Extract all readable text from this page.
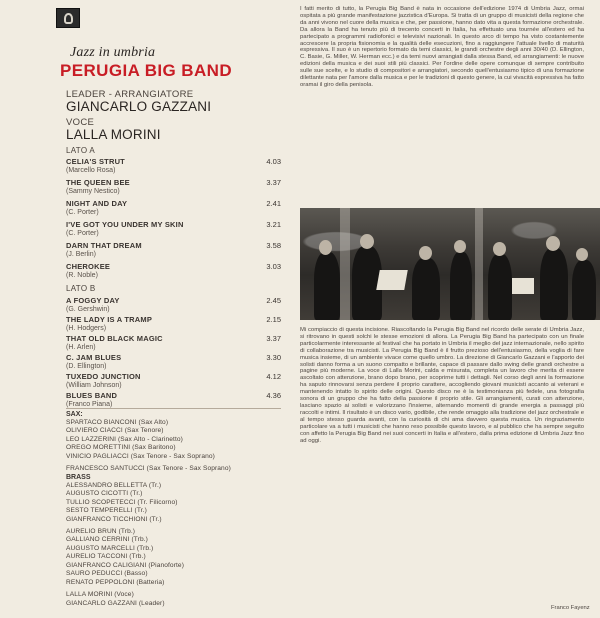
Jazz in umbria
PERUGIA BIG BAND
LEADER - ARRANGIATORE
GIANCARLO GAZZANI
VOCE
LALLA MORINI
LATO A
CELIA'S STRUT
(Marcello Rosa)
4.03
THE QUEEN BEE
(Sammy Nestico)
3.37
NIGHT AND DAY
(C. Porter)
2.41
I'VE GOT YOU UNDER MY SKIN
(C. Porter)
3.21
DARN THAT DREAM
(J. Berlin)
3.58
CHEROKEE
(R. Noble)
3.03
LATO B
A FOGGY DAY
(G. Gershwin)
2.45
THE LADY IS A TRAMP
(H. Hodgers)
2.15
THAT OLD BLACK MAGIC
(H. Arlen)
3.37
C. JAM BLUES
(D. Ellington)
3.30
TUXEDO JUNCTION
(William Johnson)
4.12
BLUES BAND
(Franco Piana)
4.36
SAX:
SPARTACO BIANCONI (Sax Alto)
OLIVIERO CIACCI (Sax Tenore)
LEO LAZZERINI (Sax Alto - Clarinetto)
OREGO MORETTINI (Sax Baritono)
VINICIO PAGLIACCI (Sax Tenore - Sax Soprano)
FRANCESCO SANTUCCI (Sax Tenore - Sax Soprano)
BRASS
ALESSANDRO BELLETTA (Tr.)
AUGUSTO CICOTTI (Tr.)
TULLIO SCOPETECCI (Tr. Filicorno)
SESTO TEMPERELLI (Tr.)
GIANFRANCO TICCHIONI (Tr.)
AURELIO BRUN (Trb.)
GALLIANO CERRINI (Trb.)
AUGUSTO MARCELLI (Trb.)
AURELIO TACCONI (Trb.)
GIANFRANCO CALIGIANI (Pianoforte)
SAURO PEDUCCI (Basso)
RENATO PEPPOLONI (Batteria)
LALLA MORINI (Voce)
GIANCARLO GAZZANI (Leader)
I fatti merito di tutto, la Perugia Big Band è nata in occasione dell'edizione 1974 di Umbria Jazz, ormai ospitata a più grande manifestazione jazzistica d'Europa. Si tratta di un gruppo di musicisti della regione che da anni vivono nel cuore della musica e che, per passione, hanno dato vita a questa formazione orchestrale. Da allora la Band ha tenuto più di trecento concerti in Italia, ha effettuato una tournée all'estero ed ha partecipato a programmi radiofonici e televisivi nazionali. In questo arco di tempo ha visto costantemente accrescere la propria fisionomia e la qualità delle esecuzioni, fino a raggiungere l'attuale livello di maturità espressiva. Il suo è un repertorio formato da temi classici, le grandi orchestre degli anni 30/40 (D. Ellington, C. Basie, G. Miller, W. Herman ecc.) e da temi nuovi arrangiati dalla stessa Band, ed arrangiamenti: le nuove edizioni della musica e dei suoi stili più classici. Per l'ordine delle opere comunque di sempre contribuito sulle sue scelte, e lo studio di compositori e arrangiatori, secondo quell'entusiasmo tipico di una formazione dilettante nata per l'amore dalla musica e per le tradizioni di questo genere, la cui vivacità espressiva ha fatto oramai il giro della penisola.
Mi compiaccio di questa incisione. Riascoltando la Perugia Big Band nel ricordo delle serate di Umbria Jazz, si ritrovano in questi solchi le stesse emozioni di allora. La Perugia Big Band ha partecipato con un finale particolarmente interessante al festival che ha portato in Umbria il meglio del jazz internazionale, nello spirito di collaborazione tra musicisti. La Perugia Big Band è il frutto prezioso dell'entusiasmo, della voglia di fare musica insieme, di un ambiente vivace come quello umbro. La direzione di Giancarlo Gazzani e l'apporto dei solisti danno forma a un suono compatto e brillante, capace di passare dallo swing delle grandi orchestre a pagine più moderne. La voce di Lalla Morini, calda e misurata, completa un lavoro che merita di essere ascoltato con attenzione, brano dopo brano, per scoprirne tutti i dettagli. Nel corso degli anni la formazione ha saputo rinnovarsi senza perdere il proprio carattere, accogliendo giovani musicisti accanto ai veterani e mantenendo intatto lo spirito delle origini. Questo disco ne è la testimonianza più fedele, una fotografia sonora di un gruppo che ha fatto della passione il proprio stile. Gli arrangiamenti, curati con attenzione, lasciano spazio ai solisti e valorizzano l'insieme, alternando momenti di grande energia a passaggi più raccolti e intimi. Il risultato è un disco vario, godibile, che rende omaggio alla tradizione del jazz orchestrale e al tempo stesso guarda avanti, con la curiosità di chi ama davvero questa musica. Un ringraziamento particolare va a tutti i musicisti che hanno reso possibile questo lavoro, e al pubblico che ha sempre seguito con affetto la Perugia Big Band nei suoi concerti in Italia e all'estero, dalla prima edizione di Umbria Jazz fino ad oggi.
Franco Fayenz
